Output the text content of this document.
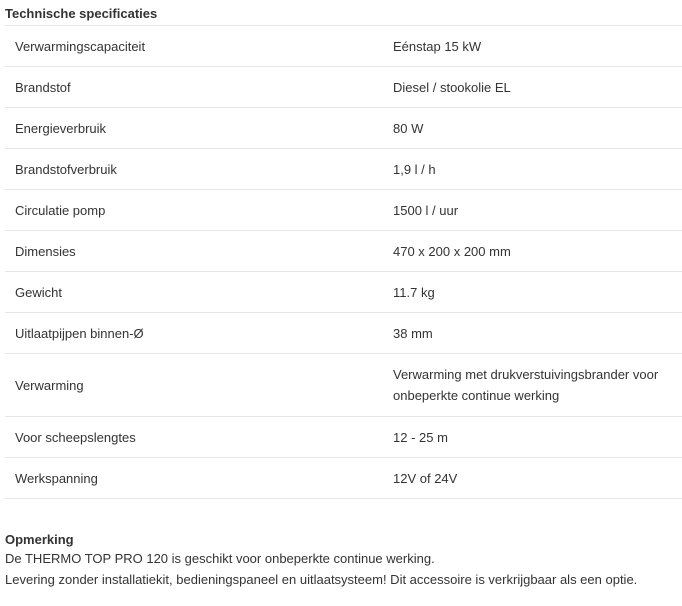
Technische specificaties
Verwarmingscapaciteit	Eénstap 15 kW
Brandstof	Diesel / stookolie EL
Energieverbruik	80 W
Brandstofverbruik	1,9 l / h
Circulatie pomp	1500 l / uur
Dimensies	470 x 200 x 200 mm
Gewicht	11.7 kg
Uitlaatpijpen binnen-Ø	38 mm
Verwarming	Verwarming met drukverstuivingsbrander voor
onbeperkte continue werking

Voor scheepslengtes	12 - 25 m
Werkspanning	12V of 24V
Opmerking
De THERMO TOP PRO 120 is geschikt voor onbeperkte continue werking.
Levering zonder installatiekit, bedieningspaneel en uitlaatsysteem! Dit accessoire is verkrijgbaar als een optie.
